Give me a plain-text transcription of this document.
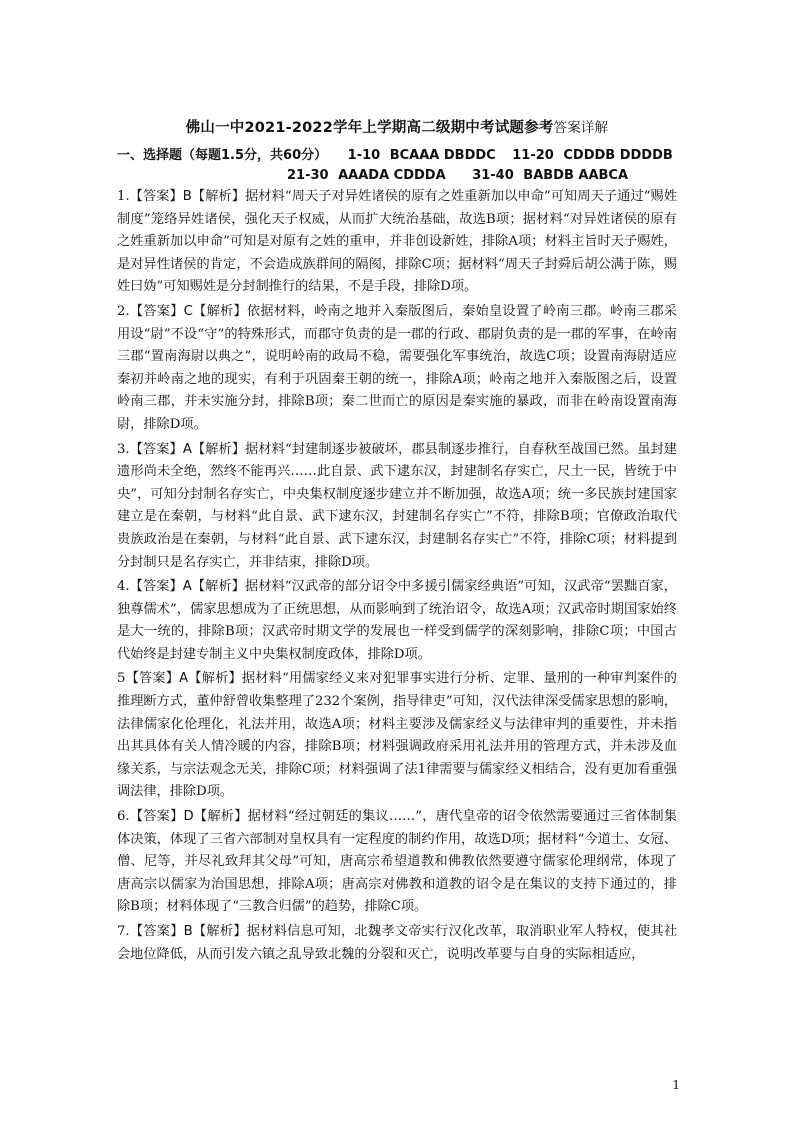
佛山一中2021-2022学年上学期高二级期中考试题参考答案详解
一、选择题（每题1.5分，共60分） 1-10 BCAAA DBDDC 11-20 CDDDB DDDDB
21-30 AAADA CDDDA 31-40 BABDB AABCA

1.【答案】B【解析】据材料“周天子对异姓诸侯的原有之姓重新加以申命”可知周天子通过“赐姓制度”笼络异姓诸侯，强化天子权威，从而扩大统治基础，故选B项；据材料“对异姓诸侯的原有之姓重新加以申命”可知是对原有之姓的重申，并非创设新姓，排除A项；材料主旨时天子赐姓，是对异性诸侯的肯定，不会造成族群间的隔阂，排除C项；据材料“周天子封舜后胡公满于陈，赐姓曰妫”可知赐姓是分封制推行的结果，不是手段，排除D项。

2.【答案】C【解析】依据材料，岭南之地并入秦版图后，秦始皇设置了岭南三郡。岭南三郡采用设“尉”不设“守”的特殊形式，而郡守负责的是一郡的行政、郡尉负责的是一郡的军事，在岭南三郡“置南海尉以典之”，说明岭南的政局不稳，需要强化军事统治，故选C项；设置南海尉适应秦初并岭南之地的现实，有利于巩固秦王朝的统一，排除A项；岭南之地并入秦版图之后，设置岭南三郡，并未实施分封，排除B项；秦二世而亡的原因是秦实施的暴政，而非在岭南设置南海尉，排除D项。

3.【答案】A【解析】据材料“封建制逐步被破坏，郡县制逐步推行，自春秋至战国已然。虽封建遗形尚未全绝，然终不能再兴……此自景、武下逮东汉，封建制名存实亡，尺土一民，皆统于中央”，可知分封制名存实亡，中央集权制度逐步建立并不断加强，故选A项；统一多民族封建国家建立是在秦朝，与材料“此自景、武下逮东汉，封建制名存实亡”不符，排除B项；官僚政治取代贵族政治是在秦朝，与材料“此自景、武下逮东汉，封建制名存实亡”不符，排除C项；材料提到分封制只是名存实亡，并非结束，排除D项。

4.【答案】A【解析】据材料“汉武帝的部分诏令中多援引儒家经典语”可知，汉武帝“罢黜百家，独尊儒术”，儒家思想成为了正统思想，从而影响到了统治诏令，故选A项；汉武帝时期国家始终是大一统的，排除B项；汉武帝时期文学的发展也一样受到儒学的深刻影响，排除C项；中国古代始终是封建专制主义中央集权制度政体，排除D项。

5【答案】A【解析】据材料“用儒家经义来对犯罪事实进行分析、定罪、量刑的一种审判案件的推理断方式，董仲舒曾收集整理了232个案例，指导律吏”可知，汉代法律深受儒家思想的影响，法律儒家化伦理化，礼法并用，故选A项；材料主要涉及儒家经义与法律审判的重要性，并未指出其具体有关人情冷暖的内容，排除B项；材料强调政府采用礼法并用的管理方式，并未涉及血缘关系，与宗法观念无关，排除C项；材料强调了法1律需要与儒家经义相结合，没有更加看重强调法律，排除D项。

6.【答案】D【解析】据材料“经过朝廷的集议……”，唐代皇帝的诏令依然需要通过三省体制集体决策，体现了三省六部制对皇权具有一定程度的制约作用，故选D项；据材料“今道士、女冠、僧、尼等，并尽礼致拜其父母”可知，唐高宗希望道教和佛教依然要遵守儒家伦理纲常，体现了唐高宗以儒家为治国思想，排除A项；唐高宗对佛教和道教的诏令是在集议的支持下通过的，排除B项；材料体现了“三教合归儒”的趋势，排除C项。

7.【答案】B【解析】据材料信息可知，北魏孝文帝实行汉化改革，取消职业军人特权，使其社会地位降低，从而引发六镇之乱导致北魏的分裂和灭亡，说明改革要与自身的实际相适应，

1
